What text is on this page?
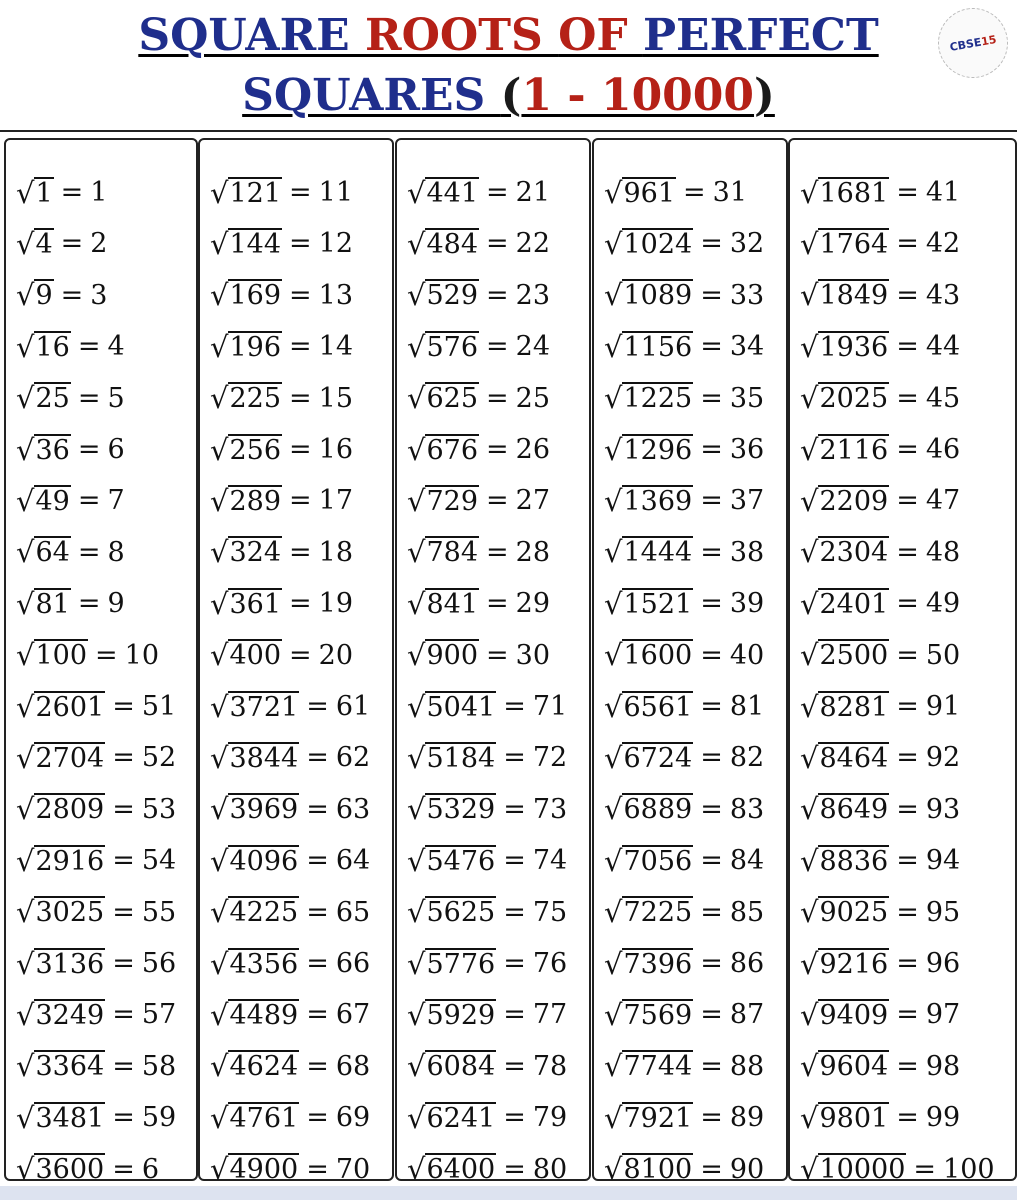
SQUARE ROOTS OF PERFECT
SQUARES (1 - 10000)
CBSE15
√ 1 = 1
√ 4 = 2
√ 9 = 3
√ 16 = 4
√ 25 = 5
√ 36 = 6
√ 49 = 7
√ 64 = 8
√ 81 = 9
√ 100 = 10
√ 2601 = 51
√ 2704 = 52
√ 2809 = 53
√ 2916 = 54
√ 3025 = 55
√ 3136 = 56
√ 3249 = 57
√ 3364 = 58
√ 3481 = 59
√ 3600 = 6
√ 121 = 11
√ 144 = 12
√ 169 = 13
√ 196 = 14
√ 225 = 15
√ 256 = 16
√ 289 = 17
√ 324 = 18
√ 361 = 19
√ 400 = 20
√ 3721 = 61
√ 3844 = 62
√ 3969 = 63
√ 4096 = 64
√ 4225 = 65
√ 4356 = 66
√ 4489 = 67
√ 4624 = 68
√ 4761 = 69
√ 4900 = 70
√ 441 = 21
√ 484 = 22
√ 529 = 23
√ 576 = 24
√ 625 = 25
√ 676 = 26
√ 729 = 27
√ 784 = 28
√ 841 = 29
√ 900 = 30
√ 5041 = 71
√ 5184 = 72
√ 5329 = 73
√ 5476 = 74
√ 5625 = 75
√ 5776 = 76
√ 5929 = 77
√ 6084 = 78
√ 6241 = 79
√ 6400 = 80
√ 961 = 31
√ 1024 = 32
√ 1089 = 33
√ 1156 = 34
√ 1225 = 35
√ 1296 = 36
√ 1369 = 37
√ 1444 = 38
√ 1521 = 39
√ 1600 = 40
√ 6561 = 81
√ 6724 = 82
√ 6889 = 83
√ 7056 = 84
√ 7225 = 85
√ 7396 = 86
√ 7569 = 87
√ 7744 = 88
√ 7921 = 89
√ 8100 = 90
√ 1681 = 41
√ 1764 = 42
√ 1849 = 43
√ 1936 = 44
√ 2025 = 45
√ 2116 = 46
√ 2209 = 47
√ 2304 = 48
√ 2401 = 49
√ 2500 = 50
√ 8281 = 91
√ 8464 = 92
√ 8649 = 93
√ 8836 = 94
√ 9025 = 95
√ 9216 = 96
√ 9409 = 97
√ 9604 = 98
√ 9801 = 99
√ 10000 = 100
